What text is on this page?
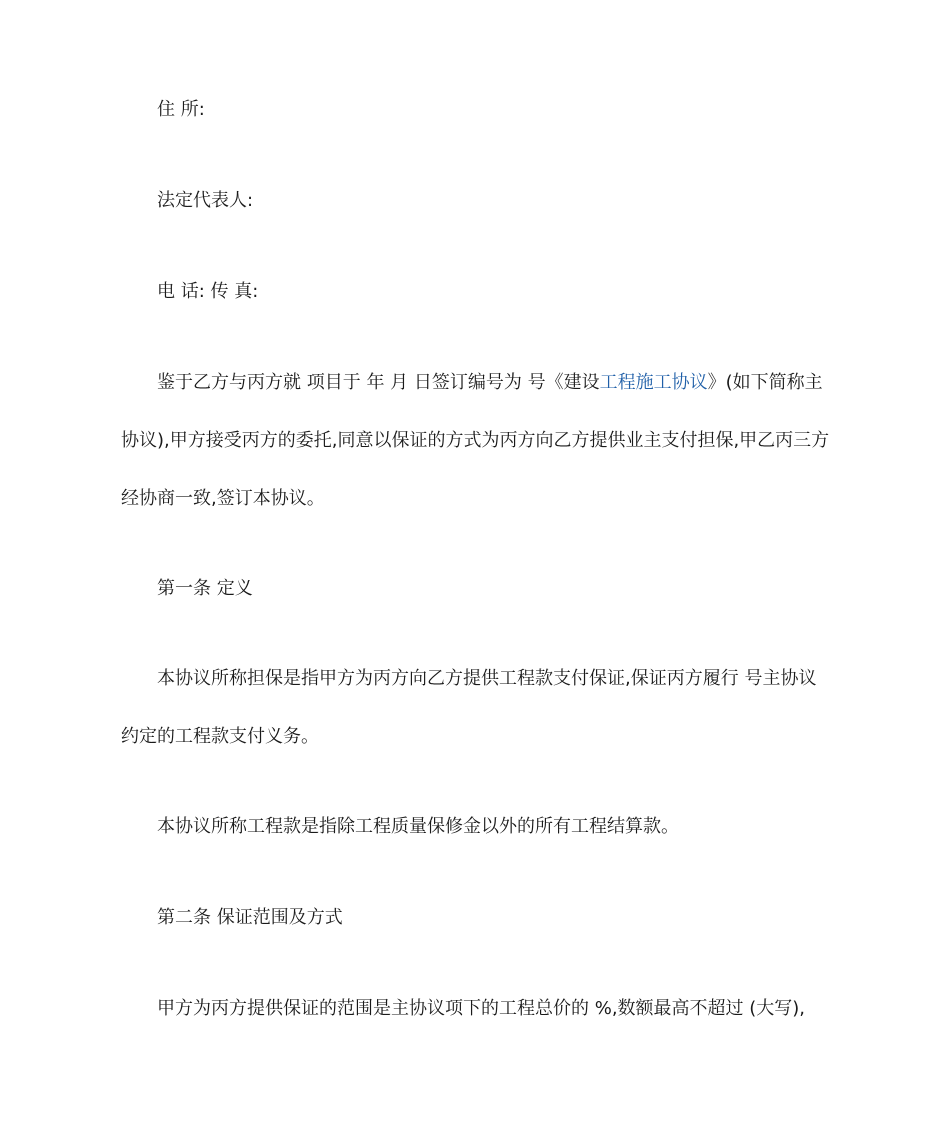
住 所:

法定代表人:

电 话: 传 真:

鉴于乙方与丙方就 项目于 年 月 日签订编号为 号《建设工程施工协议》(如下简称主协议),甲方接受丙方的委托,同意以保证的方式为丙方向乙方提供业主支付担保,甲乙丙三方经协商一致,签订本协议。

第一条 定义

本协议所称担保是指甲方为丙方向乙方提供工程款支付保证,保证丙方履行 号主协议约定的工程款支付义务。

本协议所称工程款是指除工程质量保修金以外的所有工程结算款。

第二条 保证范围及方式

甲方为丙方提供保证的范围是主协议项下的工程总价的 %,数额最高不超过 (大写),
